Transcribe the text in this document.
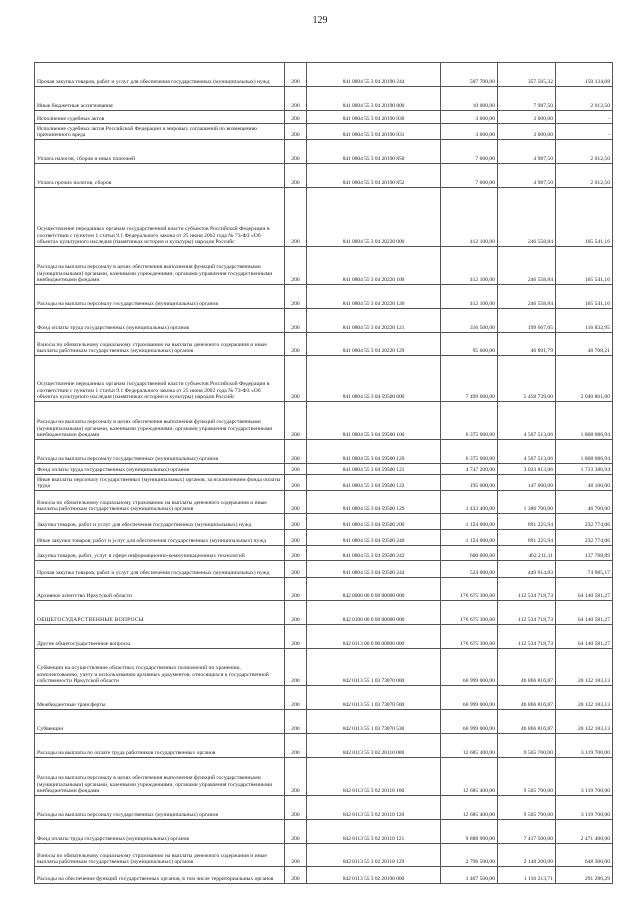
129
Прочая закупка товаров, работ и услуг для обеспечения государственных (муниципальных) нужд	200	841 0804 55 3 04 20190 244	507 700,00	357 565,32	150 134,68
Иные бюджетные ассигнования	200	841 0804 55 3 04 20190 800	10 000,00	7 987,50	2 012,50
Исполнение судебных актов	200	841 0804 55 3 04 20190 830	3 000,00	3 000,00	-
Исполнение судебных актов Российской Федерации и мировых соглашений по возмещению причиненного вреда	200	841 0804 55 3 04 20190 831	3 000,00	3 000,00	-
Уплата налогов, сборов и иных платежей	200	841 0804 55 3 04 20190 850	7 000,00	4 987,50	2 012,50
Уплата прочих налогов, сборов	200	841 0804 55 3 04 20190 852	7 000,00	4 987,50	2 012,50
Осуществление переданных органам государственной власти субъектов Российской Федерации в соответствии с пунктом 1 статьи 9.1 Федерального закона от 25 июня 2002 года № 73-ФЗ «Об объектах культурного наследия (памятниках истории и культуры) народов Российс	200	841 0804 55 3 04 20220 000	412 100,00	246 558,84	165 541,16
Расходы на выплаты персоналу в целях обеспечения выполнения функций государственными (муниципальными) органами, казенными учреждениями, органами управления государственными внебюджетными фондами	200	841 0804 55 3 04 20220 100	412 100,00	246 558,84	165 541,16
Расходы на выплаты персоналу государственных (муниципальных) органов	200	841 0804 55 3 04 20220 120	412 100,00	246 558,84	165 541,16
Фонд оплаты труда государственных (муниципальных) органов	200	841 0804 55 3 04 20220 121	316 500,00	199 667,05	116 832,95
Взносы по обязательному социальному страхованию на выплаты денежного содержания и иные выплаты работникам государственных (муниципальных) органов	200	841 0804 55 3 04 20220 129	95 600,00	46 891,79	48 708,21
Осуществление переданных органам государственной власти субъектов Российской Федерации в соответствии с пунктом 1 статьи 9.1 Федерального закона от 25 июня 2002 года № 73-ФЗ «Об объектах культурного наследия (памятниках истории и культуры) народов Российс	200	841 0804 55 3 04 59500 000	7 499 600,00	5 458 739,00	2 040 861,00
Расходы на выплаты персоналу в целях обеспечения выполнения функций государственными (муниципальными) органами, казенными учреждениями, органами управления государственными внебюджетными фондами	200	841 0804 55 3 04 59500 100	6 375 600,00	4 567 513,06	1 808 086,94
Расходы на выплаты персоналу государственных (муниципальных) органов	200	841 0804 55 3 04 59500 120	6 375 600,00	4 567 513,06	1 808 086,94
Фонд оплаты труда государственных (муниципальных) органов	200	841 0804 55 3 04 59500 121	4 747 200,00	3 033 813,06	1 713 386,94
Иные выплаты персоналу государственных (муниципальных) органов, за исключением фонда оплаты труда	200	841 0804 55 3 04 59500 122	195 000,00	147 000,00	48 100,00
Взносы по обязательному социальному страхованию на выплаты денежного содержания и иные выплаты работникам государственных (муниципальных) органов	200	841 0804 55 3 04 59500 129	1 433 400,00	1 386 700,00	46 700,00
Закупка товаров, работ и услуг для обеспечения государственных (муниципальных) нужд	200	841 0804 55 3 04 59500 200	1 124 000,00	891 225,94	232 774,06
Иные закупки товаров, работ и услуг для обеспечения государственных (муниципальных) нужд	200	841 0804 55 3 04 59500 240	1 124 000,00	891 225,94	232 774,06
Закупка товаров, работ, услуг в сфере информационно-коммуникационных технологий	200	841 0804 55 3 04 59500 242	600 000,00	462 211,11	137 788,89
Прочая закупка товаров, работ и услуг для обеспечения государственных (муниципальных) нужд	200	841 0804 55 3 04 59500 244	524 000,00	449 014,83	74 985,17
Архивное агентство Иркутской области	200	842 0000 00 0 00 00000 000	176 675 300,00	112 534 718,73	64 140 581,27
ОБЩЕГОСУДАРСТВЕННЫЕ ВОПРОСЫ	200	842 0100 00 0 00 00000 000	176 675 300,00	112 534 718,73	64 140 581,27
Другие общегосударственные вопросы	200	842 0113 00 0 00 00000 000	176 675 300,00	112 534 718,73	64 140 581,27
Субвенции на осуществление областных государственных полномочий по хранению, комплектованию, учету и использованию архивных документов, относящихся к государственной собственности Иркутской области	200	842 0113 55 1 03 73070 000	66 999 000,00	46 866 816,87	20 132 183,13
Межбюджетные трансферты	200	842 0113 55 1 03 73070 500	66 999 000,00	46 866 816,87	20 132 183,13
Субвенции	200	842 0113 55 1 03 73070 530	66 999 000,00	46 866 816,87	20 132 183,13
Расходы на выплаты по оплате труда работников государственных органов	200	842 0113 55 3 02 20110 000	12 685 400,00	9 565 700,00	3 119 700,00
Расходы на выплаты персоналу в целях обеспечения выполнения функций государственными (муниципальными) органами, казенными учреждениями, органами управления государственными внебюджетными фондами	200	842 0113 55 3 02 20110 100	12 685 400,00	9 565 700,00	3 119 700,00
Расходы на выплаты персоналу государственных (муниципальных) органов	200	842 0113 55 3 02 20110 120	12 685 400,00	9 565 700,00	3 119 700,00
Фонд оплаты труда государственных (муниципальных) органов	200	842 0113 55 3 02 20110 121	9 888 900,00	7 417 500,00	2 471 400,00
Взносы по обязательному социальному страхованию на выплаты денежного содержания и иные выплаты работникам государственных (муниципальных) органов	200	842 0113 55 3 02 20110 129	2 796 500,00	2 148 200,00	648 300,00
Расходы на обеспечение функций государственных органов, в том числе территориальных органов	200	842 0113 55 3 02 20190 000	1 407 500,00	1 116 213,71	291 286,29
